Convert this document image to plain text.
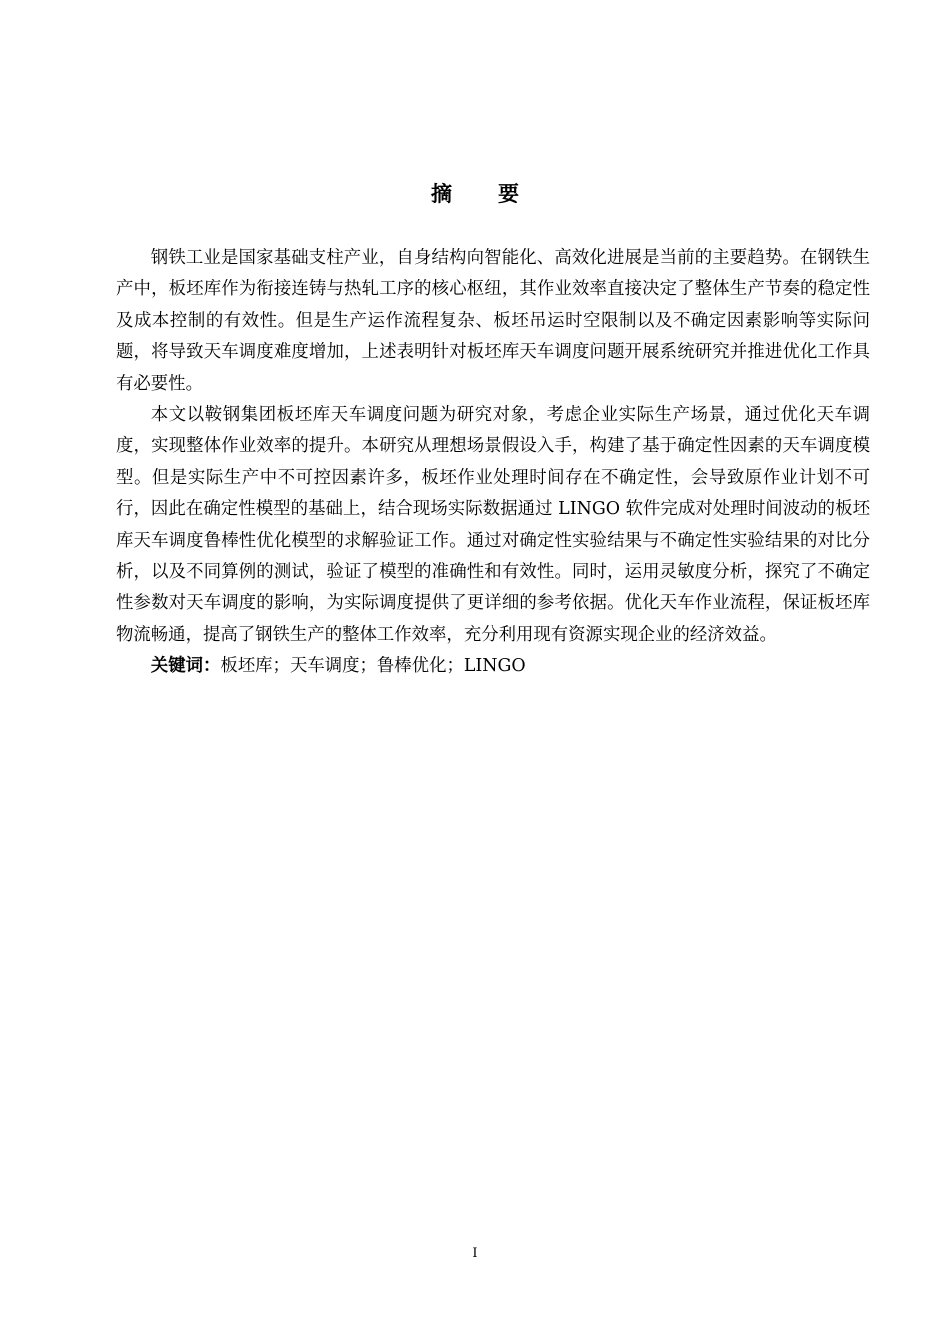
摘要

钢铁工业是国家基础支柱产业，自身结构向智能化、高效化进展是当前的主要趋势。在钢铁生产中，板坯库作为衔接连铸与热轧工序的核心枢纽，其作业效率直接决定了整体生产节奏的稳定性及成本控制的有效性。但是生产运作流程复杂、板坯吊运时空限制以及不确定因素影响等实际问题，将导致天车调度难度增加，上述表明针对板坯库天车调度问题开展系统研究并推进优化工作具有必要性。

本文以鞍钢集团板坯库天车调度问题为研究对象，考虑企业实际生产场景，通过优化天车调度，实现整体作业效率的提升。本研究从理想场景假设入手，构建了基于确定性因素的天车调度模型。但是实际生产中不可控因素许多，板坯作业处理时间存在不确定性，会导致原作业计划不可行，因此在确定性模型的基础上，结合现场实际数据通过 LINGO 软件完成对处理时间波动的板坯库天车调度鲁棒性优化模型的求解验证工作。通过对确定性实验结果与不确定性实验结果的对比分析，以及不同算例的测试，验证了模型的准确性和有效性。同时，运用灵敏度分析，探究了不确定性参数对天车调度的影响，为实际调度提供了更详细的参考依据。优化天车作业流程，保证板坯库物流畅通，提高了钢铁生产的整体工作效率，充分利用现有资源实现企业的经济效益。

关键词：板坯库；天车调度；鲁棒优化；LINGO

I
